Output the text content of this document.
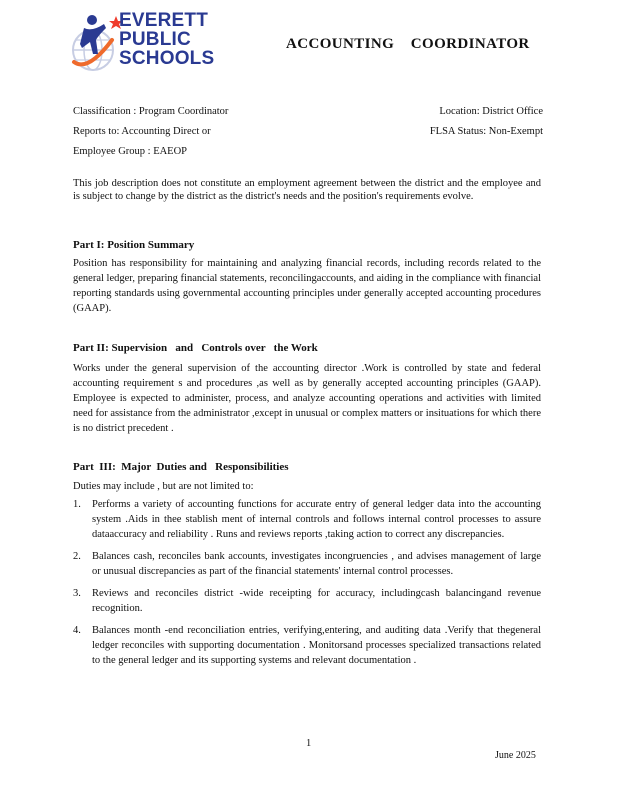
EVERETT
PUBLIC
SCHOOLS
ACCOUNTING    COORDINATOR
Classification : Program Coordinator
Reports to: Accounting Direct or
Employee Group : EAEOP
Location: District Office
FLSA Status: Non-Exempt
This job description does not constitute an employment agreement between the district and the employee and is subject to change by the district as the district's needs and the position's requirements evolve.
Part I: Position Summary
Position has responsibility for maintaining and analyzing financial records, including records related to the general ledger, preparing financial statements, reconcilingaccounts, and aiding in the compliance with financial reporting standards using governmental accounting principles under generally accepted accounting procedures (GAAP).
Part II: Supervision   and   Controls over   the Work
Works under the general supervision of the accounting director .Work is controlled by state and federal accounting requirement s and procedures ,as well as by generally accepted accounting principles (GAAP). Employee is expected to administer, process, and analyze accounting operations and activities with limited need for assistance from the administrator ,except in unusual or complex matters or insituations for which there is no district precedent .
Part  III:  Major  Duties and   Responsibilities
Duties may include , but are not limited to:
1. Performs a variety of accounting functions for accurate entry of general ledger data into the accounting system .Aids in thee stablish ment of internal controls and follows internal control processes to assure dataaccuracy and reliability . Runs and reviews reports ,taking action to correct any discrepancies.
2. Balances cash, reconciles bank accounts, investigates incongruencies , and advises management of large or unusual discrepancies as part of the financial statements' internal control processes.
3. Reviews and reconciles district -wide receipting for accuracy, includingcash balancingand revenue recognition.
4. Balances month -end reconciliation entries, verifying,entering, and auditing data .Verify that thegeneral ledger reconciles with supporting documentation . Monitorsand processes specialized transactions related to the general ledger and its supporting systems and relevant documentation .
1
June 2025
